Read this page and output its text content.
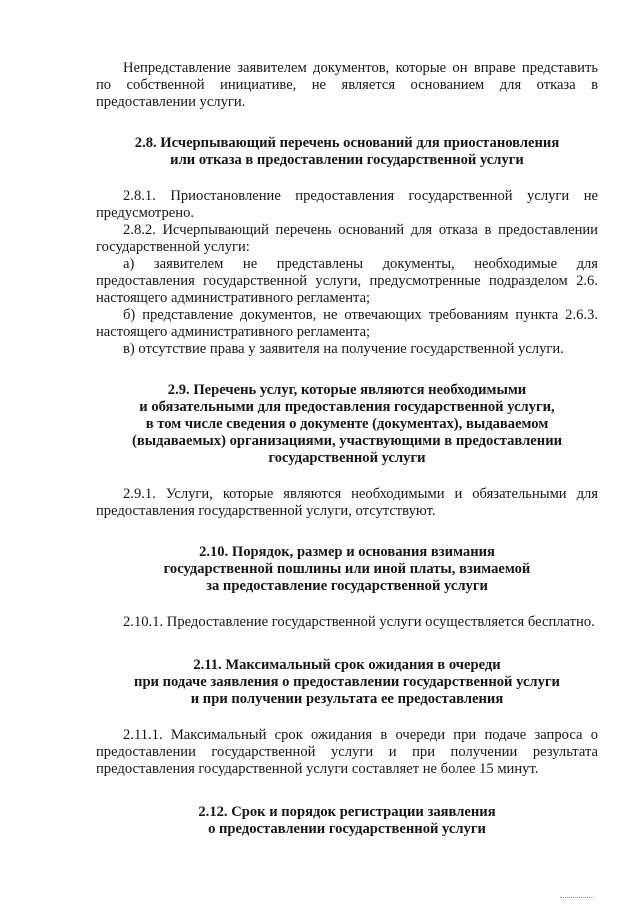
Непредставление заявителем документов, которые он вправе представить по собственной инициативе, не является основанием для отказа в предоставлении услуги.

2.8. Исчерпывающий перечень оснований для приостановления

или отказа в предоставлении государственной услуги

2.8.1. Приостановление предоставления государственной услуги не предусмотрено.

2.8.2. Исчерпывающий перечень оснований для отказа в предоставлении государственной услуги:

а) заявителем не представлены документы, необходимые для предоставления государственной услуги, предусмотренные подразделом 2.6. настоящего административного регламента;

б) представление документов, не отвечающих требованиям пункта 2.6.3. настоящего административного регламента;

в) отсутствие права у заявителя на получение государственной услуги.

2.9. Перечень услуг, которые являются необходимыми

и обязательными для предоставления государственной услуги,

в том числе сведения о документе (документах), выдаваемом

(выдаваемых) организациями, участвующими в предоставлении

государственной услуги

2.9.1. Услуги, которые являются необходимыми и обязательными для предоставления государственной услуги, отсутствуют.

2.10. Порядок, размер и основания взимания

государственной пошлины или иной платы, взимаемой

за предоставление государственной услуги

2.10.1. Предоставление государственной услуги осуществляется бесплатно.

2.11. Максимальный срок ожидания в очереди

при подаче заявления о предоставлении государственной услуги

и при получении результата ее предоставления

2.11.1. Максимальный срок ожидания в очереди при подаче запроса о предоставлении государственной услуги и при получении результата предоставления государственной услуги составляет не более 15 минут.

2.12. Срок и порядок регистрации заявления

о предоставлении государственной услуги
